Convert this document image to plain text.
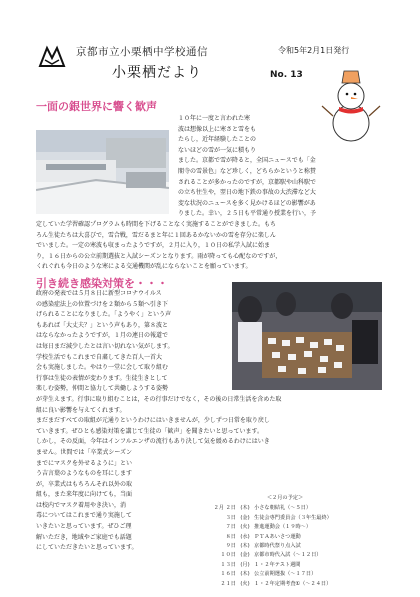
京都市立小栗栖中学校通信	令和5年2月1日発行
小栗栖だより	No. 13
一面の銀世界に響く歓声

１０年に一度と言われた寒

波は想像以上に寒さと雪をも

たらし，近年経験したことの

ないほどの雪が一気に積もり

ました。京都で雪が降ると，全国ニュースでも「金

閣寺の雪景色」など珍しく，どちらかというと称賛

されることが多かったのですが，京都駅や山科駅で

の立ち往生や，翌日の地下鉄の事故の大渋滞など大

変な状況のニュースを多く見かけるほどの影響があ

りました。幸い，２５日も平常通り授業を行い，予

定していた学習確認プログラムも時間を下げることなく実施することができました。もち

ろん生徒たちは大喜びで，雪合戦，雪だるまと年に１回あるかないかの雪を存分に楽しん

でいました。一定の寒波も収まったようですが，２月に入り，１０日の私学入試に始ま

り，１６日からの公立前期選抜と入試シーズンとなります。雨が降っても心配なのですが，

くれぐれも今日のような寒による交通機関が乱にならないことを願っています。

引き続き感染対策を・・・

政府の発表では５月８日に新型コロナウイルス

の感染症法上の位置づけを２類から５類へ引き下

げられることになりました。「ようやく」という声

もあれば「大丈夫？」という声もあり，第８波と

はならなかったようですが，１月の連日の報道で

は毎日まだ減少したとは言い切れない気がします。

学校生活でもこれまで自粛してきた百人一首大

会も実施しました。やはり一堂に会して取り組む

行事は生徒の表情が変わります。生徒生きとして

楽しむ姿勢，仲間と協力して共働しようする姿勢

が芽生えます。行事に取り組むことは，その行事だけでなく，その後の日常生活を含めた取

組に良い影響を与えてくれます。

まだまだすべての取組が元通りというわけにはいきませんが，少しずつ日常を取り戻し

ていきます。ぜひとも感染対策を講じて生徒の「歓声」を聞きたいと思っています。

しかし，その反面，今年はインフルエンザの流行もあり決して気を緩めるわけにはいき

ません。世間では「卒業式シーズン

までにマスクを外せるように」とい

う吉言葉のようなものを耳にします

が，卒業式はもちろんそれ以外の取

組も，また来年度に向けても，当面

は校内でマスク着用やき決い，消

毒についてはこれまで通り実施して

いきたいと思っています。ぜひご理

解いただき，地域やご家庭でも話題

にしていただきたいと思っています。

＜２月の予定＞
２月 ２日 (木) 小さな朝結礼（～５日）
３日 (金) 生徒会専門委員会（３年生最終）
７日 (火) 推進運動会（１９時～）
８日 (水) ＰＴＡあいさつ運動
９日 (木) 京都時代祭り点入試
１０日 (金) 京都市時代入試（～１２日）
１３日 (月) １・２年テスト週間
１６日 (木) 公立前期選抜（～１７日）
２１日 (火) １・２年定期考査①（～２４日）
